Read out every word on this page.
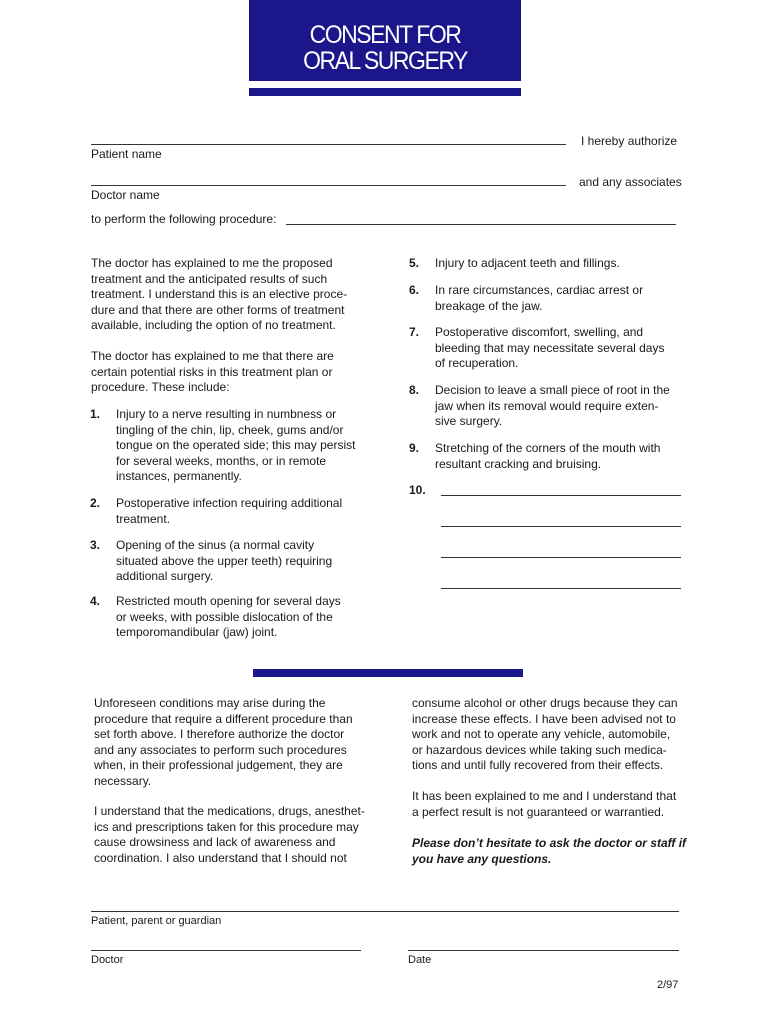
CONSENT FOR
ORAL SURGERY
I hereby authorize
Patient name
and any associates
Doctor name
to perform the following procedure:
The doctor has explained to me the proposed
treatment and the anticipated results of such
treatment. I understand this is an elective proce-
dure and that there are other forms of treatment
available, including the option of no treatment.
The doctor has explained to me that there are
certain potential risks in this treatment plan or
procedure. These include:
1. Injury to a nerve resulting in numbness or
tingling of the chin, lip, cheek, gums and/or
tongue on the operated side; this may persist
for several weeks, months, or in remote
instances, permanently.
2. Postoperative infection requiring additional
treatment.
3. Opening of the sinus (a normal cavity
situated above the upper teeth) requiring
additional surgery.
4. Restricted mouth opening for several days
or weeks, with possible dislocation of the
temporomandibular (jaw) joint.
5. Injury to adjacent teeth and fillings.
6. In rare circumstances, cardiac arrest or
breakage of the jaw.
7. Postoperative discomfort, swelling, and
bleeding that may necessitate several days
of recuperation.
8. Decision to leave a small piece of root in the
jaw when its removal would require exten-
sive surgery.
9. Stretching of the corners of the mouth with
resultant cracking and bruising.
10.
Unforeseen conditions may arise during the
procedure that require a different procedure than
set forth above. I therefore authorize the doctor
and any associates to perform such procedures
when, in their professional judgement, they are
necessary.
I understand that the medications, drugs, anesthet-
ics and prescriptions taken for this procedure may
cause drowsiness and lack of awareness and
coordination. I also understand that I should not
consume alcohol or other drugs because they can
increase these effects. I have been advised not to
work and not to operate any vehicle, automobile,
or hazardous devices while taking such medica-
tions and until fully recovered from their effects.
It has been explained to me and I understand that
a perfect result is not guaranteed or warrantied.
Please don’t hesitate to ask the doctor or staff if
you have any questions.
Patient, parent or guardian
Doctor	Date
2/97
